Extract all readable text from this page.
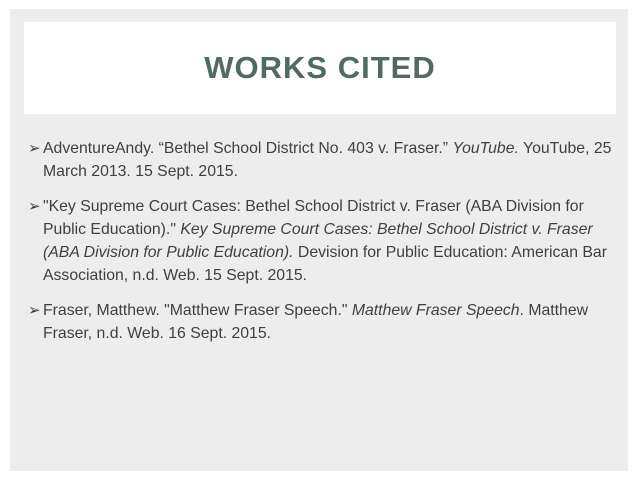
WORKS CITED

➢ AdventureAndy. “Bethel School District No. 403 v. Fraser.” YouTube. YouTube, 25 March 2013. 15 Sept. 2015.

➢ "Key Supreme Court Cases: Bethel School District v. Fraser (ABA Division for Public Education)." Key Supreme Court Cases: Bethel School District v. Fraser (ABA Division for Public Education). Devision for Public Education: American Bar Association, n.d. Web. 15 Sept. 2015.

➢ Fraser, Matthew. "Matthew Fraser Speech." Matthew Fraser Speech. Matthew Fraser, n.d. Web. 16 Sept. 2015.
